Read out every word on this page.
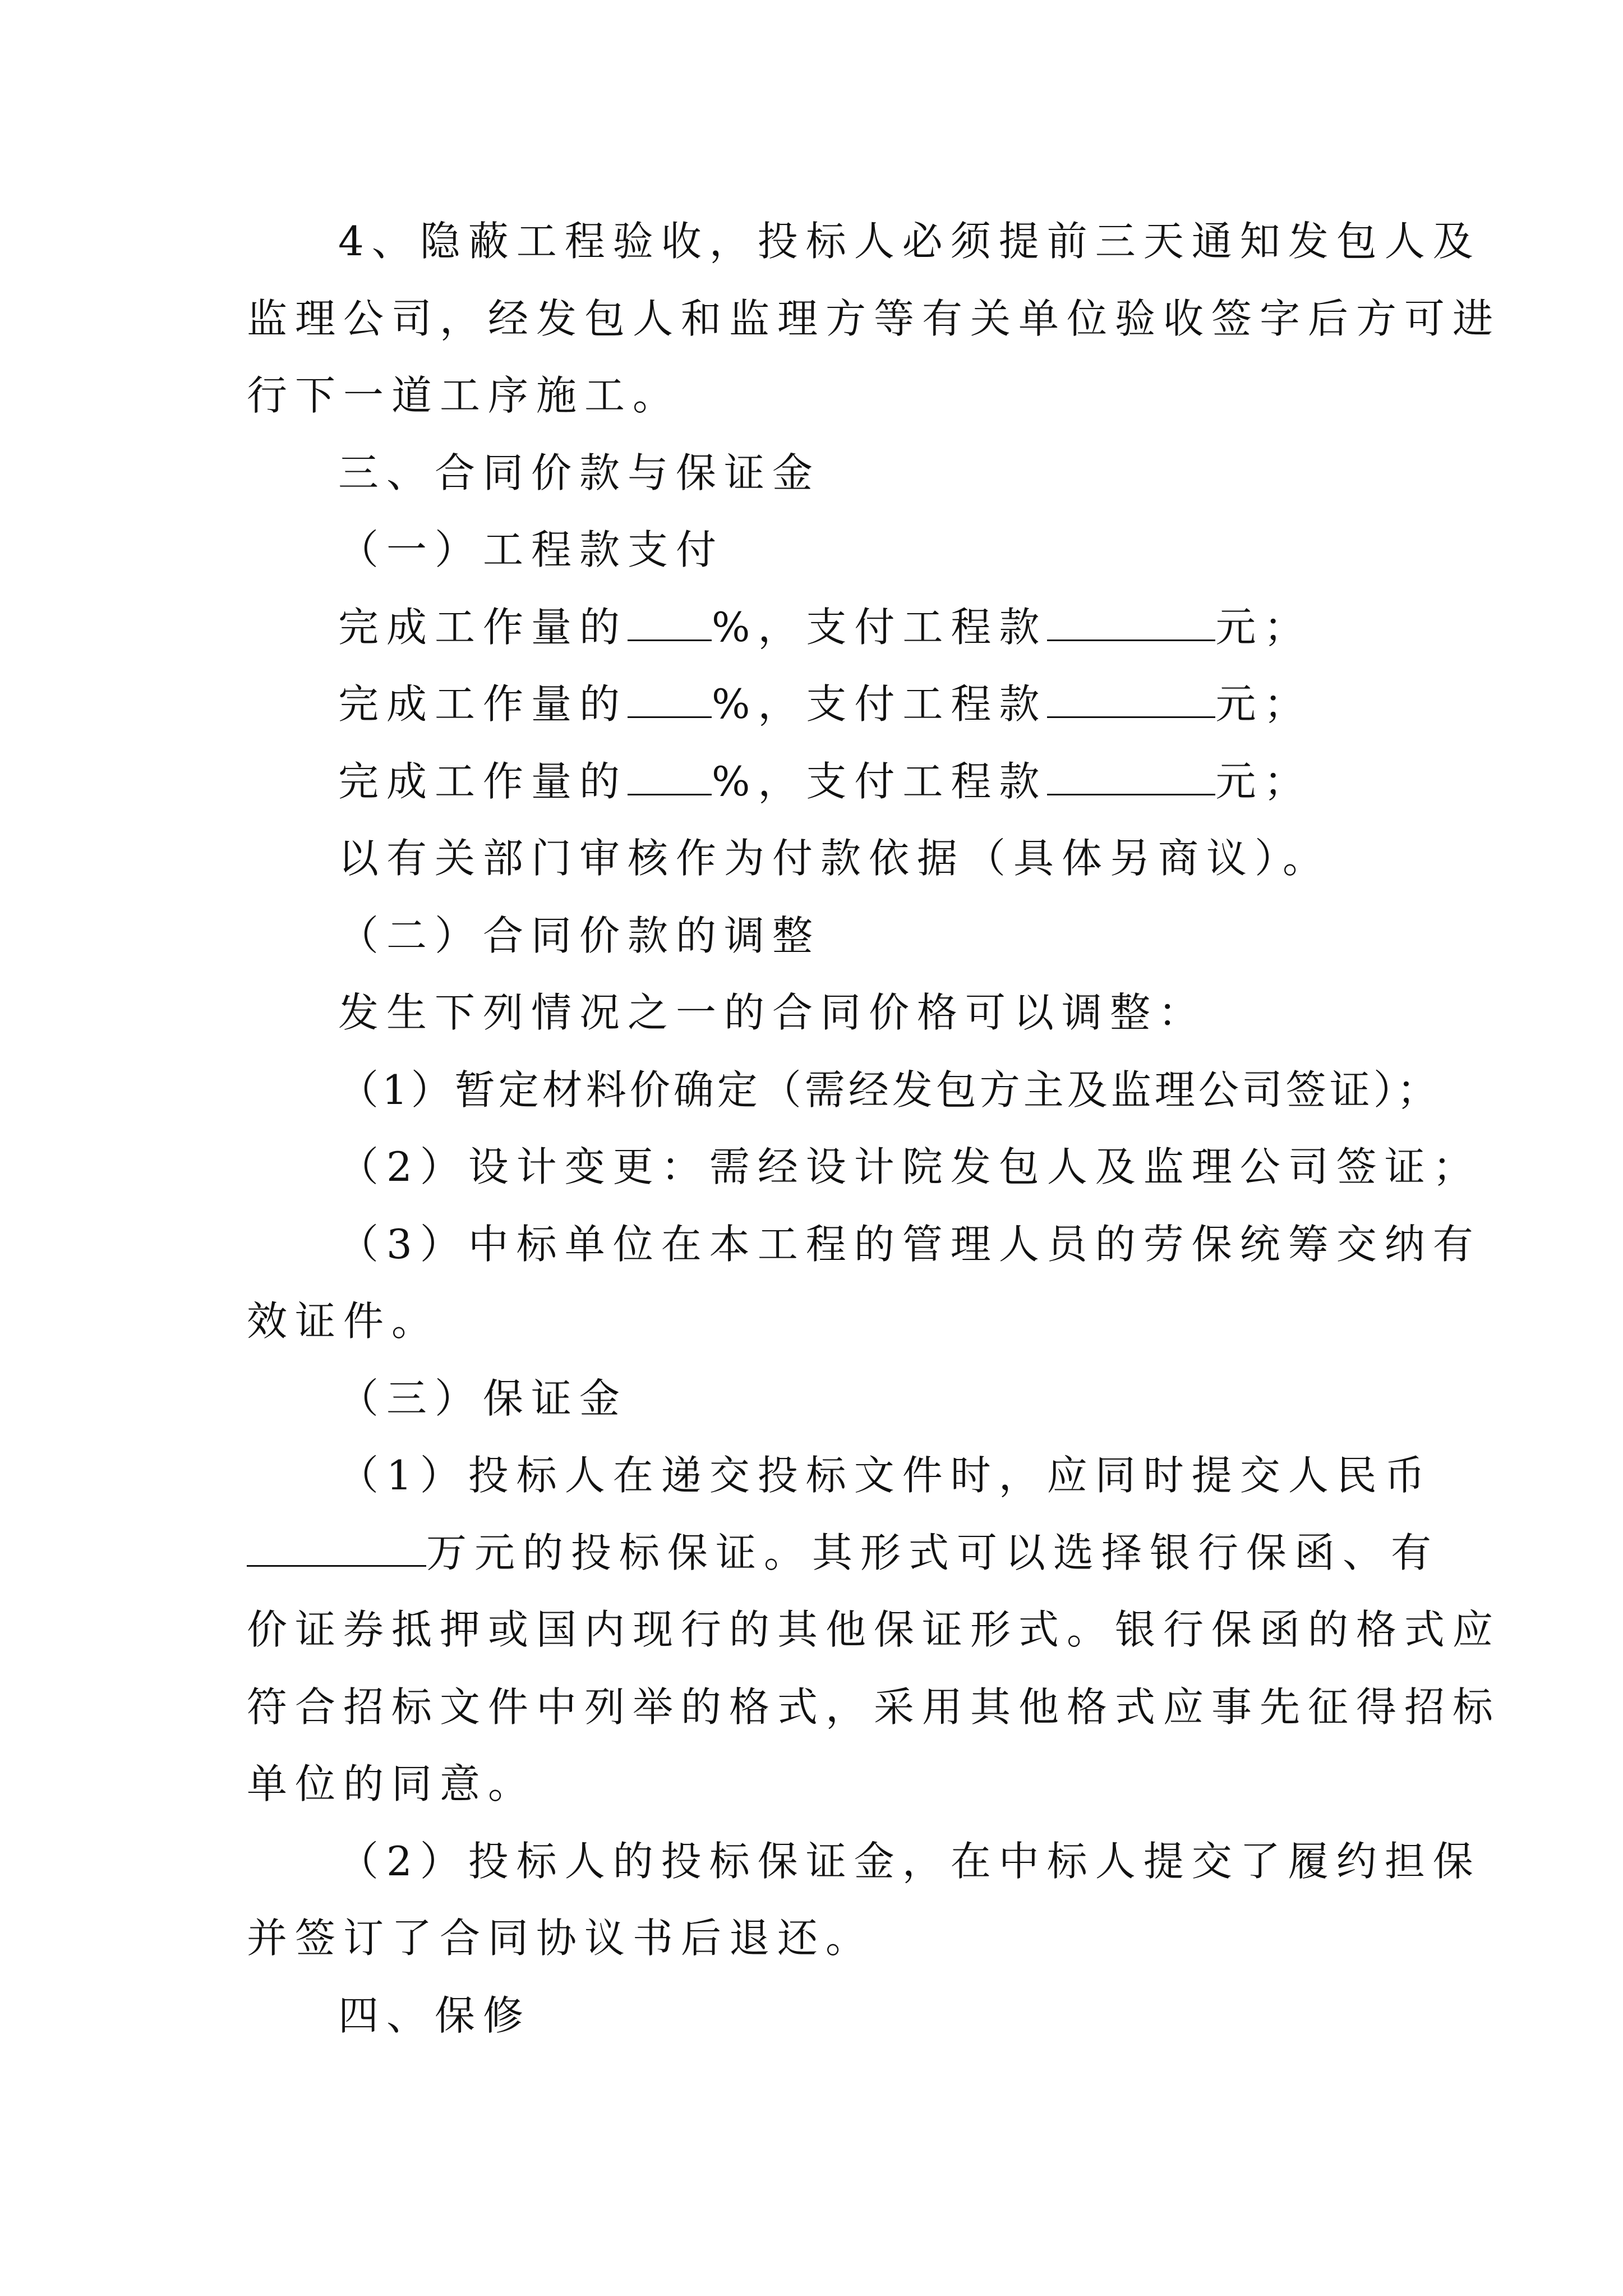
4、隐蔽工程验收，投标人必须提前三天通知发包人及
监理公司，经发包人和监理方等有关单位验收签字后方可进
行下一道工序施工。
三、合同价款与保证金
（一）工程款支付
完成工作量的 %，支付工程款	元；
完成工作量的 %，支付工程款	元；
完成工作量的 %，支付工程款	元；
以有关部门审核作为付款依据（具体另商议）。
（二）合同价款的调整
发生下列情况之一的合同价格可以调整：
（1）暂定材料价确定（需经发包方主及监理公司签证）；
（2）设计变更：需经设计院发包人及监理公司签证；
（3）中标单位在本工程的管理人员的劳保统筹交纳有
效证件。
（三）保证金
（1）投标人在递交投标文件时，应同时提交人民币
万元的投标保证。其形式可以选择银行保函、有
价证券抵押或国内现行的其他保证形式。银行保函的格式应
符合招标文件中列举的格式，采用其他格式应事先征得招标
单位的同意。
（2）投标人的投标保证金，在中标人提交了履约担保
并签订了合同协议书后退还。
四、保修
